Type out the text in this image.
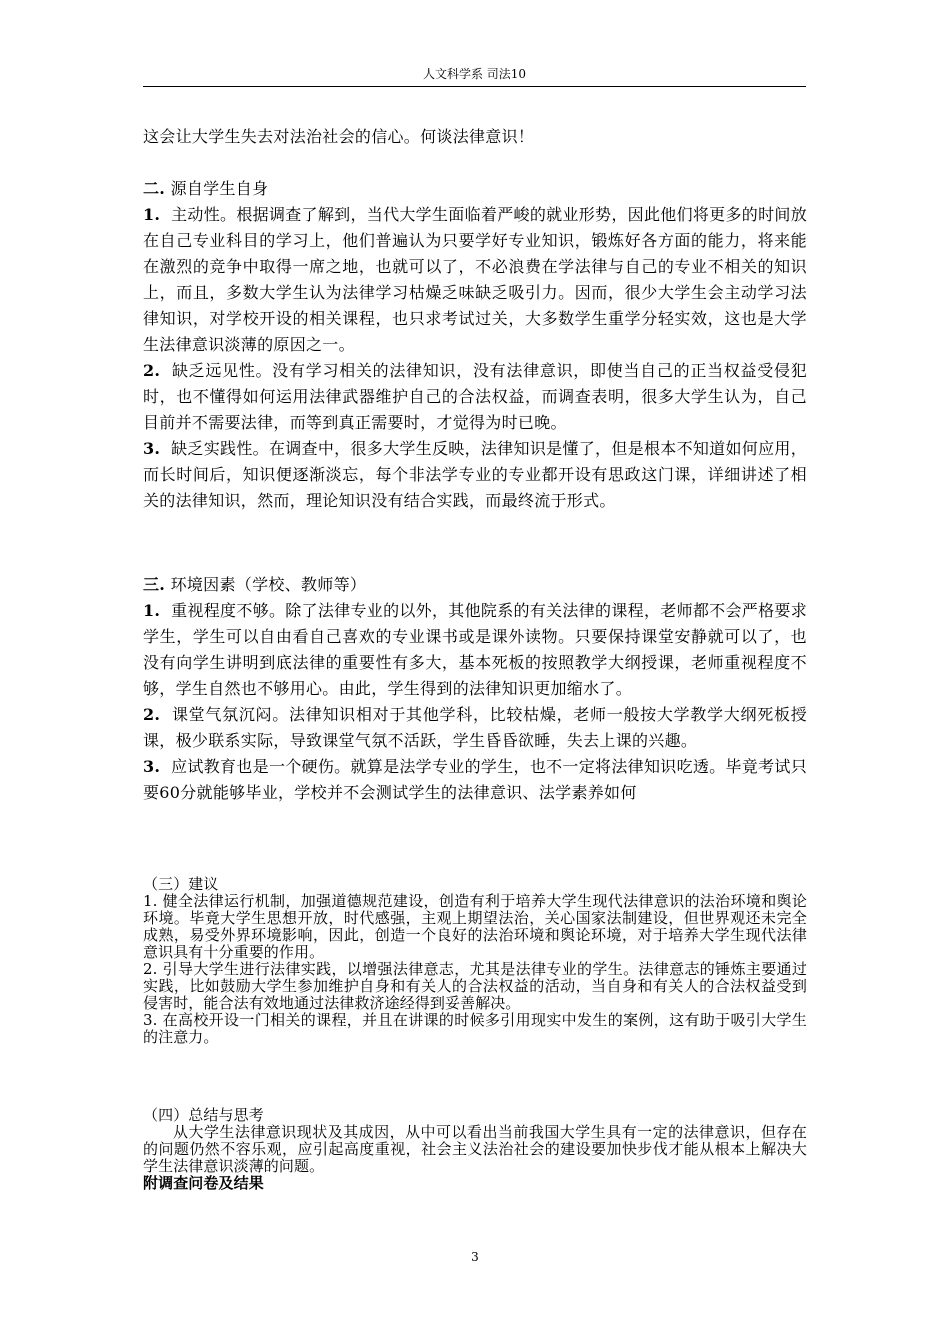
人文科学系 司法10

这会让大学生失去对法治社会的信心。何谈法律意识！

二. 源自学生自身

1. 主动性。根据调查了解到，当代大学生面临着严峻的就业形势，因此他们将更多的时间放在自己专业科目的学习上，他们普遍认为只要学好专业知识，锻炼好各方面的能力，将来能在激烈的竞争中取得一席之地，也就可以了，不必浪费在学法律与自己的专业不相关的知识上，而且，多数大学生认为法律学习枯燥乏味缺乏吸引力。因而，很少大学生会主动学习法律知识，对学校开设的相关课程，也只求考试过关，大多数学生重学分轻实效，这也是大学生法律意识淡薄的原因之一。

2. 缺乏远见性。没有学习相关的法律知识，没有法律意识，即使当自己的正当权益受侵犯时，也不懂得如何运用法律武器维护自己的合法权益，而调查表明，很多大学生认为，自己目前并不需要法律，而等到真正需要时，才觉得为时已晚。

3. 缺乏实践性。在调查中，很多大学生反映，法律知识是懂了，但是根本不知道如何应用，而长时间后，知识便逐渐淡忘，每个非法学专业的专业都开设有思政这门课，详细讲述了相关的法律知识，然而，理论知识没有结合实践，而最终流于形式。

三. 环境因素（学校、教师等）

1. 重视程度不够。除了法律专业的以外，其他院系的有关法律的课程，老师都不会严格要求学生，学生可以自由看自己喜欢的专业课书或是课外读物。只要保持课堂安静就可以了，也没有向学生讲明到底法律的重要性有多大，基本死板的按照教学大纲授课，老师重视程度不够，学生自然也不够用心。由此，学生得到的法律知识更加缩水了。

2. 课堂气氛沉闷。法律知识相对于其他学科，比较枯燥，老师一般按大学教学大纲死板授课，极少联系实际，导致课堂气氛不活跃，学生昏昏欲睡，失去上课的兴趣。

3. 应试教育也是一个硬伤。就算是法学专业的学生，也不一定将法律知识吃透。毕竟考试只要60分就能够毕业，学校并不会测试学生的法律意识、法学素养如何

（三）建议

1. 健全法律运行机制，加强道德规范建设，创造有利于培养大学生现代法律意识的法治环境和舆论环境。毕竟大学生思想开放，时代感强，主观上期望法治，关心国家法制建设，但世界观还未完全成熟，易受外界环境影响，因此，创造一个良好的法治环境和舆论环境，对于培养大学生现代法律意识具有十分重要的作用。

2. 引导大学生进行法律实践，以增强法律意志，尤其是法律专业的学生。法律意志的锤炼主要通过实践，比如鼓励大学生参加维护自身和有关人的合法权益的活动，当自身和有关人的合法权益受到侵害时，能合法有效地通过法律救济途经得到妥善解决。

3. 在高校开设一门相关的课程，并且在讲课的时候多引用现实中发生的案例，这有助于吸引大学生的注意力。

（四）总结与思考

从大学生法律意识现状及其成因，从中可以看出当前我国大学生具有一定的法律意识，但存在的问题仍然不容乐观，应引起高度重视，社会主义法治社会的建设要加快步伐才能从根本上解决大学生法律意识淡薄的问题。

附调查问卷及结果

3
